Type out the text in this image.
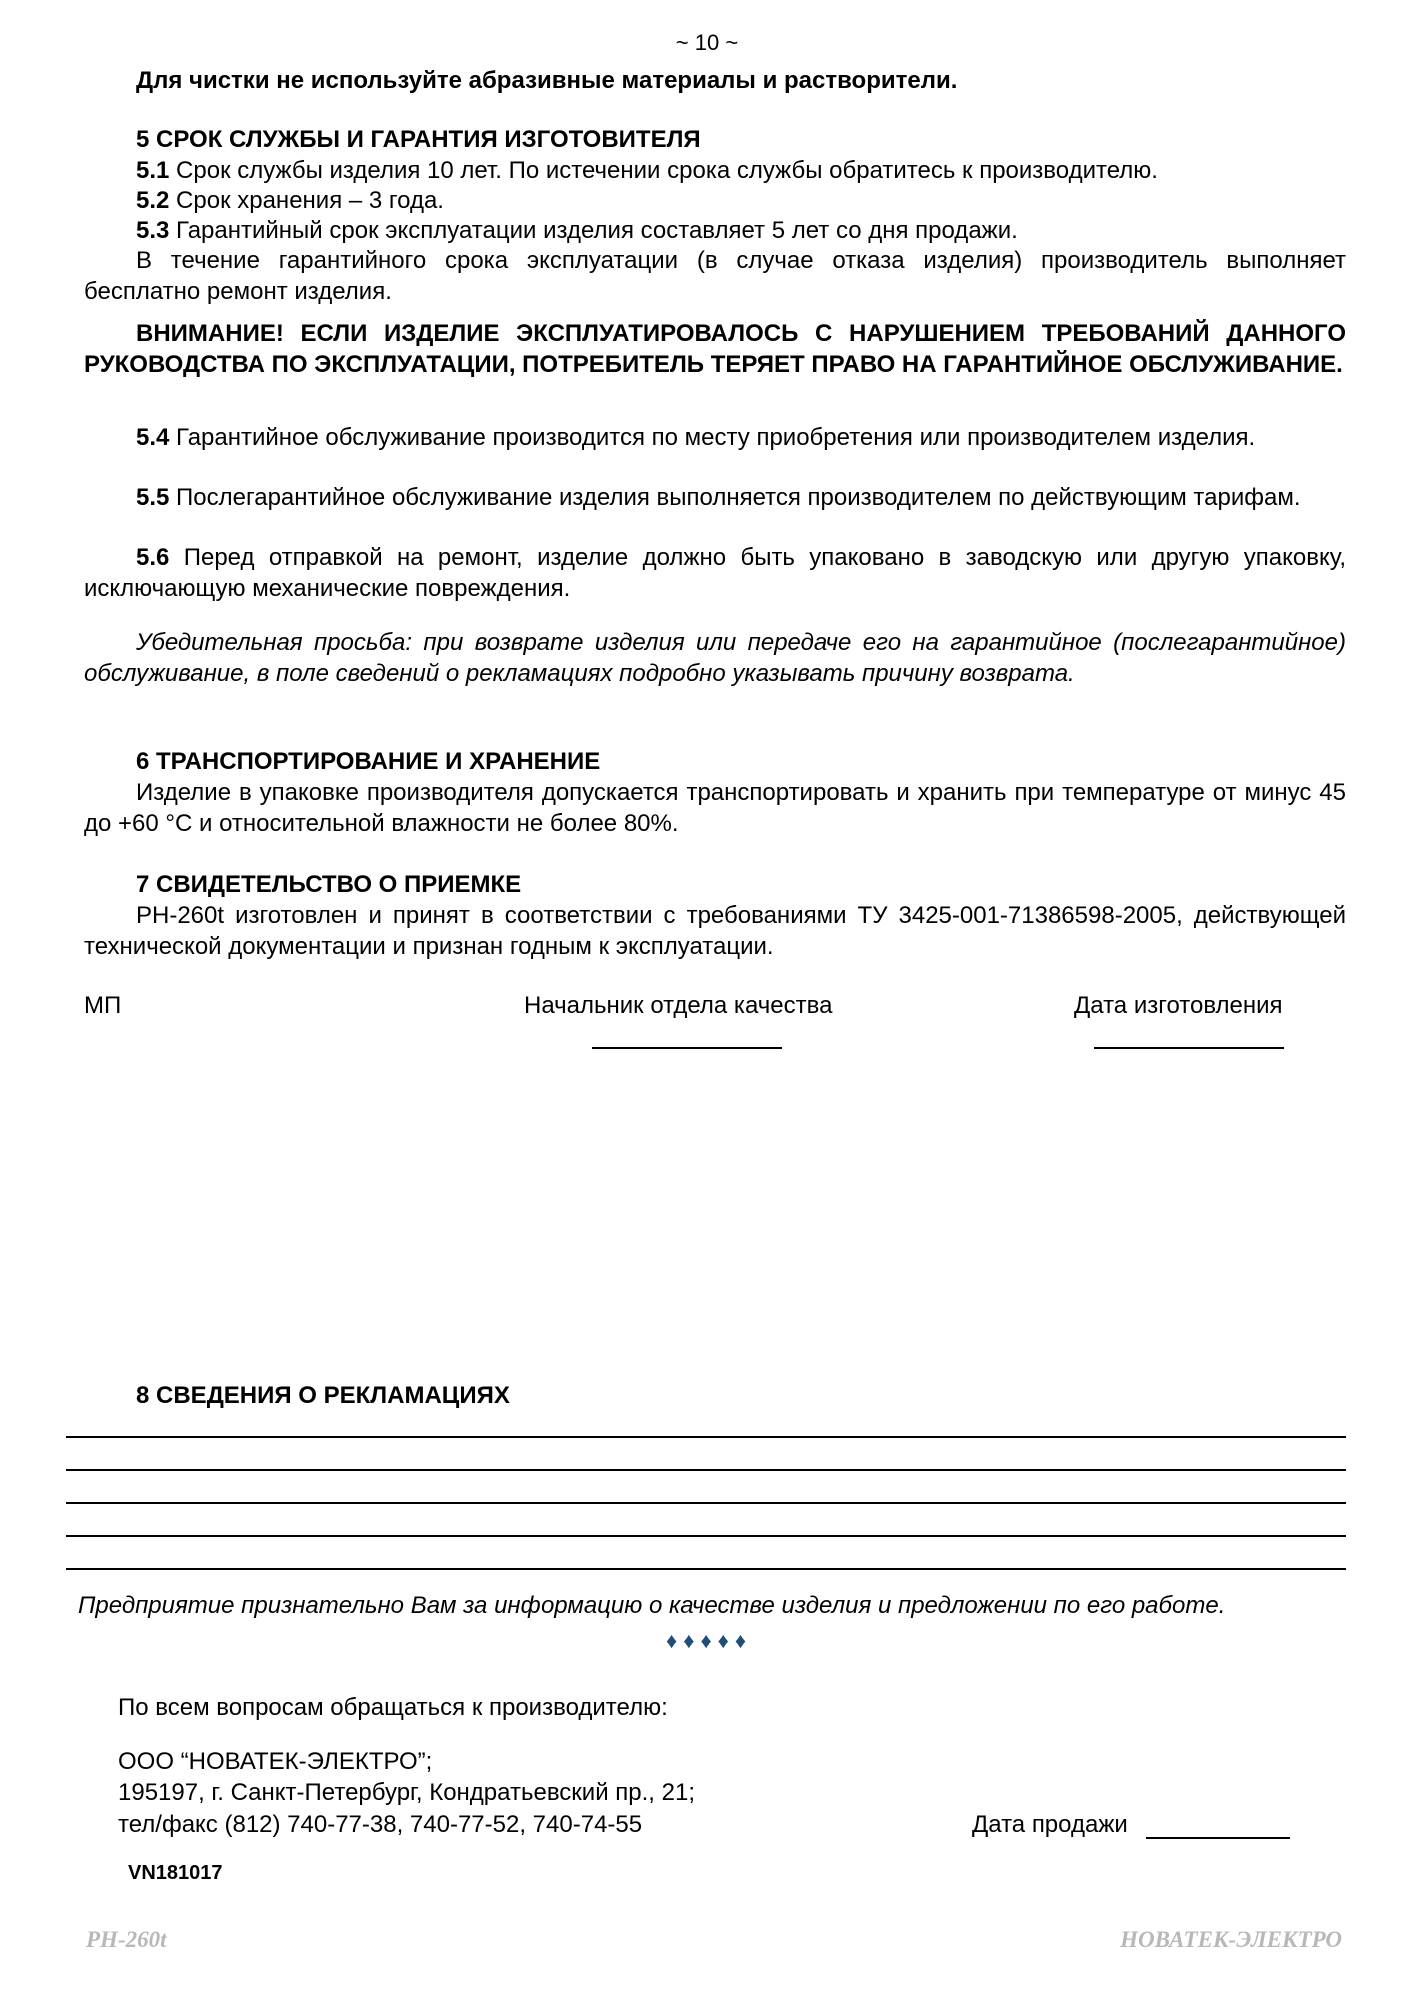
~ 10 ~
Для чистки не используйте абразивные материалы и растворители.
5 СРОК СЛУЖБЫ И ГАРАНТИЯ ИЗГОТОВИТЕЛЯ
5.1 Срок службы изделия 10 лет. По истечении срока службы обратитесь к производителю.
5.2 Срок хранения – 3 года.
5.3 Гарантийный срок эксплуатации изделия составляет 5 лет со дня продажи.
В течение гарантийного срока эксплуатации (в случае отказа изделия) производитель выполняет бесплатно ремонт изделия.
ВНИМАНИЕ! ЕСЛИ ИЗДЕЛИЕ ЭКСПЛУАТИРОВАЛОСЬ С НАРУШЕНИЕМ ТРЕБОВАНИЙ ДАННОГО РУКОВОДСТВА ПО ЭКСПЛУАТАЦИИ, ПОТРЕБИТЕЛЬ ТЕРЯЕТ ПРАВО НА ГАРАНТИЙНОЕ ОБСЛУЖИВАНИЕ.
5.4 Гарантийное обслуживание производится по месту приобретения или производителем изделия.
5.5 Послегарантийное обслуживание изделия выполняется производителем по действующим тарифам.
5.6 Перед отправкой на ремонт, изделие должно быть упаковано в заводскую или другую упаковку, исключающую механические повреждения.
Убедительная просьба: при возврате изделия или передаче его на гарантийное (послегарантийное) обслуживание, в поле сведений о рекламациях подробно указывать причину возврата.
6 ТРАНСПОРТИРОВАНИЕ И ХРАНЕНИЕ
Изделие в упаковке производителя допускается транспортировать и хранить при температуре от минус 45 до +60 °C и относительной влажности не более 80%.
7 СВИДЕТЕЛЬСТВО О ПРИЕМКЕ
РН-260t изготовлен и принят в соответствии с требованиями ТУ 3425-001-71386598-2005, действующей технической документации и признан годным к эксплуатации.
МП	Начальник отдела качества	Дата изготовления
8 СВЕДЕНИЯ О РЕКЛАМАЦИЯХ
Предприятие признательно Вам за информацию о качестве изделия и предложении по его работе.
♦♦♦♦♦
По всем вопросам обращаться к производителю:
ООО “НОВАТЕК-ЭЛЕКТРО”;
195197, г. Санкт-Петербург, Кондратьевский пр., 21;
тел/факс (812) 740-77-38, 740-77-52, 740-74-55	Дата продажи
VN181017
РН-260t	НОВАТЕК-ЭЛЕКТРО
